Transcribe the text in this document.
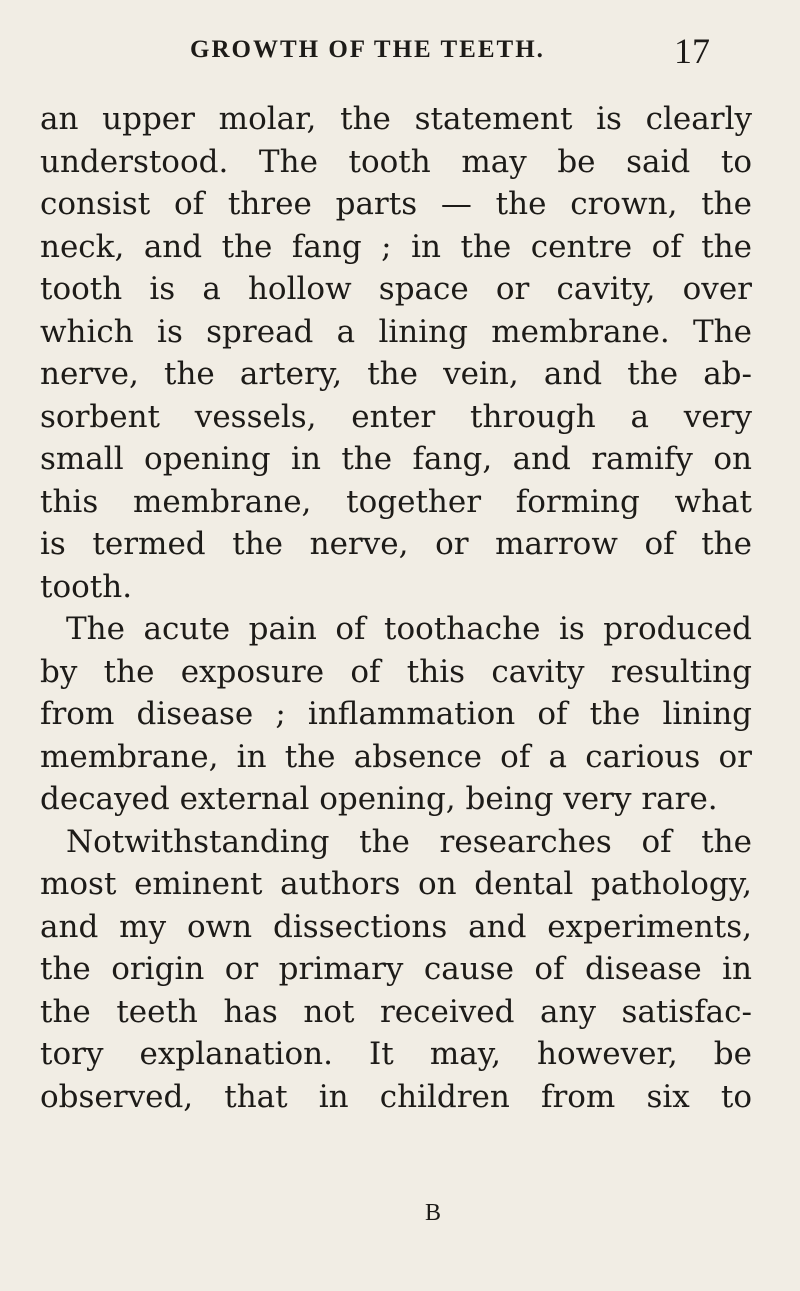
GROWTH OF THE TEETH.	17
an upper molar, the statement is clearly
understood. The tooth may be said to
consist of three parts — the crown, the
neck, and the fang ; in the centre of the
tooth is a hollow space or cavity, over
which is spread a lining membrane. The
nerve, the artery, the vein, and the ab-
sorbent vessels, enter through a very
small opening in the fang, and ramify on
this membrane, together forming what
is termed the nerve, or marrow of the
tooth.
The acute pain of toothache is produced
by the exposure of this cavity resulting
from disease ; inflammation of the lining
membrane, in the absence of a carious or
decayed external opening, being very rare.
Notwithstanding the researches of the
most eminent authors on dental pathology,
and my own dissections and experiments,
the origin or primary cause of disease in
the teeth has not received any satisfac-
tory explanation. It may, however, be
observed, that in children from six to
B
